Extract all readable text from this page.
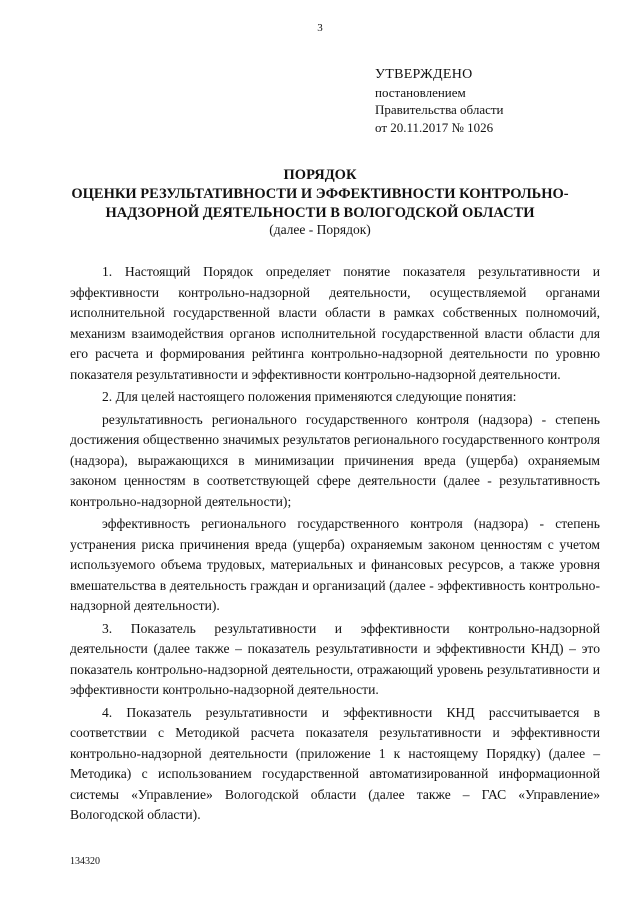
3
УТВЕРЖДЕНО
постановлением
Правительства области
от 20.11.2017 № 1026
ПОРЯДОК
ОЦЕНКИ РЕЗУЛЬТАТИВНОСТИ И ЭФФЕКТИВНОСТИ КОНТРОЛЬНО-
НАДЗОРНОЙ ДЕЯТЕЛЬНОСТИ В ВОЛОГОДСКОЙ ОБЛАСТИ
(далее - Порядок)

1. Настоящий Порядок определяет понятие показателя результативности и эффективности контрольно-надзорной деятельности, осуществляемой органами исполнительной государственной власти области в рамках собственных полномочий, механизм взаимодействия органов исполнительной государственной власти области для его расчета и формирования рейтинга контрольно-надзорной деятельности по уровню показателя результативности и эффективности контрольно-надзорной деятельности.

2. Для целей настоящего положения применяются следующие понятия:

результативность регионального государственного контроля (надзора) - степень достижения общественно значимых результатов регионального государственного контроля (надзора), выражающихся в минимизации причинения вреда (ущерба) охраняемым законом ценностям в соответствующей сфере деятельности (далее - результативность контрольно-надзорной деятельности);

эффективность регионального государственного контроля (надзора) - степень устранения риска причинения вреда (ущерба) охраняемым законом ценностям с учетом используемого объема трудовых, материальных и финансовых ресурсов, а также уровня вмешательства в деятельность граждан и организаций (далее - эффективность контрольно-надзорной деятельности).

3. Показатель результативности и эффективности контрольно-надзорной деятельности (далее также – показатель результативности и эффективности КНД) – это показатель контрольно-надзорной деятельности, отражающий уровень результативности и эффективности контрольно-надзорной деятельности.

4. Показатель результативности и эффективности КНД рассчитывается в соответствии с Методикой расчета показателя результативности и эффективности контрольно-надзорной деятельности (приложение 1 к настоящему Порядку) (далее – Методика) с использованием государственной автоматизированной информационной системы «Управление» Вологодской области (далее также – ГАС «Управление» Вологодской области).

134320
